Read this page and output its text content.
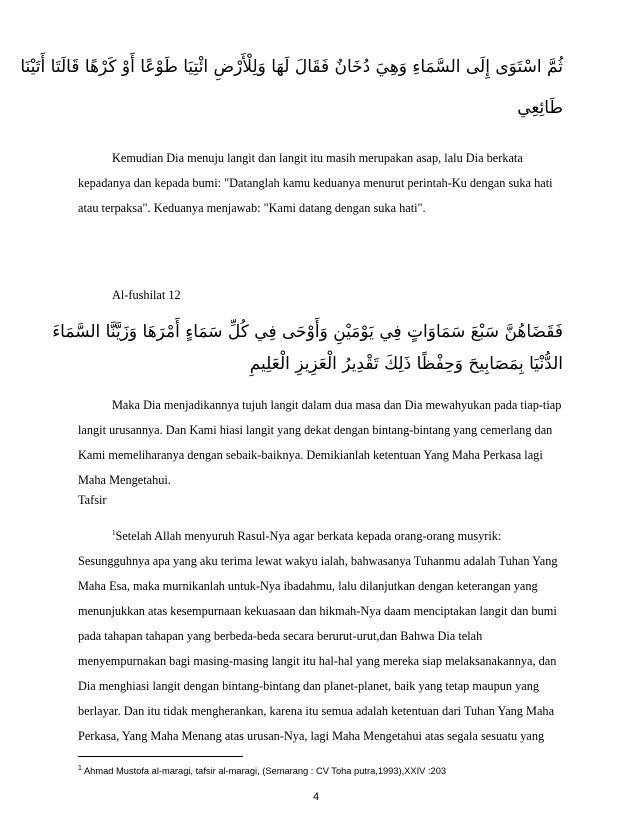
ثُمَّ اسْتَوَى إِلَى السَّمَاءِ وَهِيَ دُخَانٌ فَقَالَ لَهَا وَلِلْأَرْضِ ائْتِيَا طَوْعًا أَوْ كَرْهًا قَالَتَا أَتَيْنَا
طَائِعِي
Kemudian Dia menuju langit dan langit itu masih merupakan asap, lalu Dia berkata kepadanya dan kepada bumi: "Datanglah kamu keduanya menurut perintah-Ku dengan suka hati atau terpaksa". Keduanya menjawab: "Kami datang dengan suka hati".
Al-fushilat 12
فَقَضَاهُنَّ سَبْعَ سَمَاوَاتٍ فِي يَوْمَيْنِ وَأَوْحَى فِي كُلِّ سَمَاءٍ أَمْرَهَا وَزَيَّنَّا السَّمَاءَ
الدُّنْيَا بِمَصَابِيحَ وَحِفْظًا ذَلِكَ تَقْدِيرُ الْعَزِيزِ الْعَلِيمِ
Maka Dia menjadikannya tujuh langit dalam dua masa dan Dia mewahyukan pada tiap-tiap langit urusannya. Dan Kami hiasi langit yang dekat dengan bintang-bintang yang cemerlang dan Kami memeliharanya dengan sebaik-baiknya. Demikianlah ketentuan Yang Maha Perkasa lagi Maha Mengetahui.
Tafsir
$^1$Setelah Allah menyuruh Rasul-Nya agar berkata kepada orang-orang musyrik: Sesungguhnya apa yang aku terima lewat wakyu ialah, bahwasanya Tuhanmu adalah Tuhan Yang Maha Esa, maka murnikanlah untuk-Nya ibadahmu, lalu dilanjutkan dengan keterangan yang menunjukkan atas kesempurnaan kekuasaan dan hikmah-Nya daam menciptakan langit dan bumi pada tahapan tahapan yang berbeda-beda secara berurut-urut,dan Bahwa Dia telah menyempurnakan bagi masing-masing langit itu hal-hal yang mereka siap melaksanakannya, dan Dia menghiasi langit dengan bintang-bintang dan planet-planet, baik yang tetap maupun yang berlayar. Dan itu tidak mengherankan, karena itu semua adalah ketentuan dari Tuhan Yang Maha Perkasa, Yang Maha Menang atas urusan-Nya, lagi Maha Mengetahui atas segala sesuatu yang
$^1$ Ahmad Mustofa al-maragi, tafsir al-maragi, (Semarang : CV Toha putra,1993),XXIV :203
4
